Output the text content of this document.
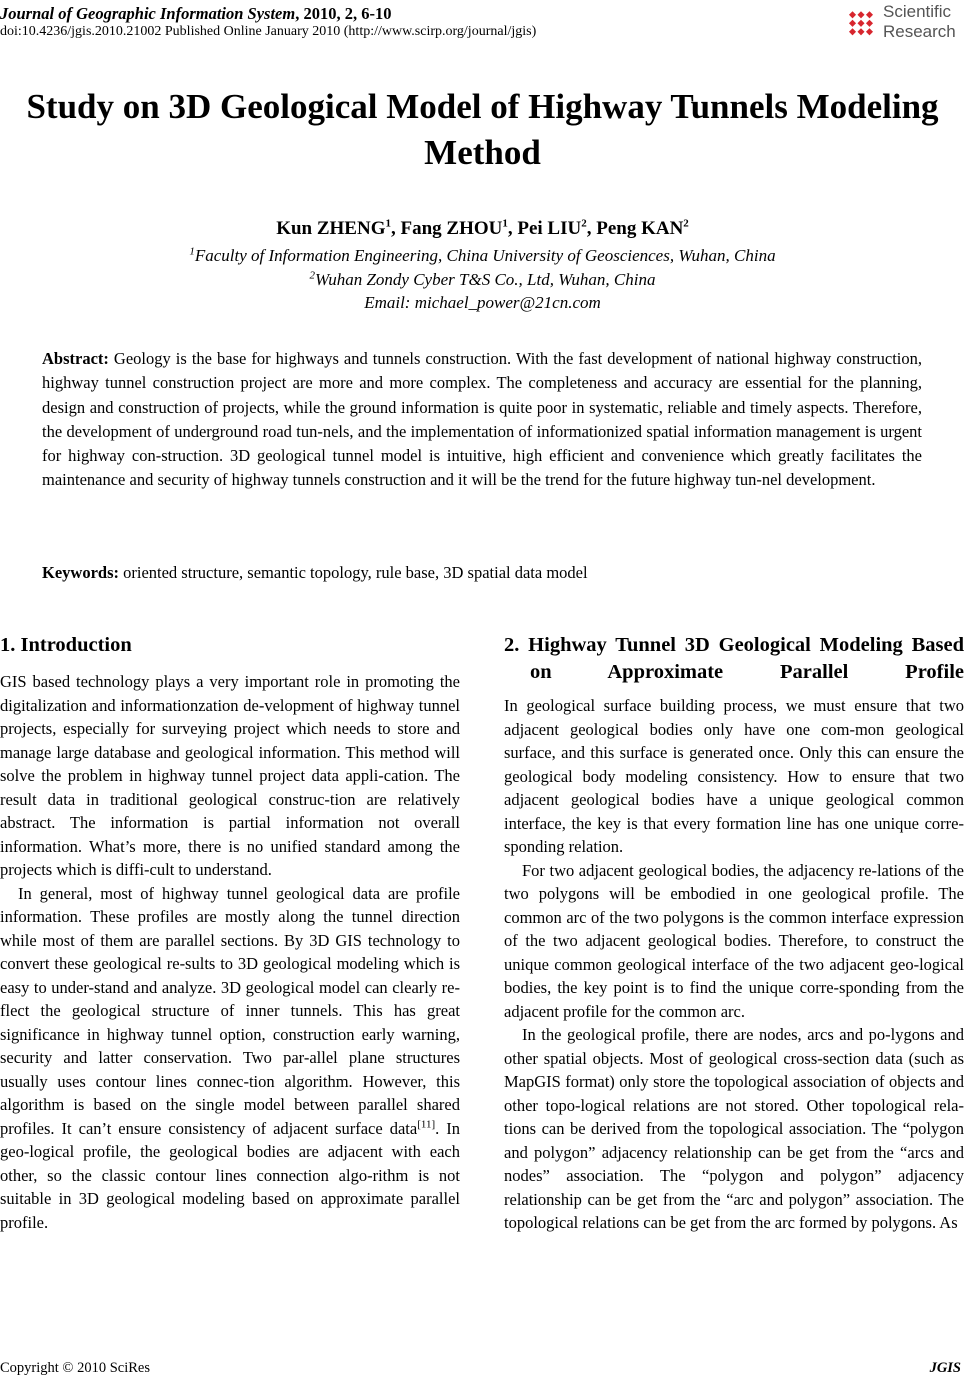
Journal of Geographic Information System, 2010, 2, 6-10
doi:10.4236/jgis.2010.21002 Published Online January 2010 (http://www.scirp.org/journal/jgis)
Scientific
Research
Study on 3D Geological Model of Highway Tunnels Modeling Method
Kun ZHENG$^1$, Fang ZHOU$^1$, Pei LIU$^2$, Peng KAN$^2$
$^1$Faculty of Information Engineering, China University of Geosciences, Wuhan, China
$^2$Wuhan Zondy Cyber T&S Co., Ltd, Wuhan, China
Email: michael_power@21cn.com

Abstract: Geology is the base for highways and tunnels construction. With the fast development of national highway construction, highway tunnel construction project are more and more complex. The completeness and accuracy are essential for the planning, design and construction of projects, while the ground information is quite poor in systematic, reliable and timely aspects. Therefore, the development of underground road tun-nels, and the implementation of informationized spatial information management is urgent for highway con-struction. 3D geological tunnel model is intuitive, high efficient and convenience which greatly facilitates the maintenance and security of highway tunnels construction and it will be the trend for the future highway tun-nel development.

Keywords: oriented structure, semantic topology, rule base, 3D spatial data model
1. Introduction

GIS based technology plays a very important role in promoting the digitalization and informationzation de-velopment of highway tunnel projects, especially for surveying project which needs to store and manage large database and geological information. This method will solve the problem in highway tunnel project data appli-cation. The result data in traditional geological construc-tion are relatively abstract. The information is partial information not overall information. What’s more, there is no unified standard among the projects which is diffi-cult to understand.

In general, most of highway tunnel geological data are profile information. These profiles are mostly along the tunnel direction while most of them are parallel sections. By 3D GIS technology to convert these geological re-sults to 3D geological modeling which is easy to under-stand and analyze. 3D geological model can clearly re-flect the geological structure of inner tunnels. This has great significance in highway tunnel option, construction early warning, security and latter conservation. Two par-allel plane structures usually uses contour lines connec-tion algorithm. However, this algorithm is based on the single model between parallel shared profiles. It can’t ensure consistency of adjacent surface data[11]. In geo-logical profile, the geological bodies are adjacent with each other, so the classic contour lines connection algo-rithm is not suitable in 3D geological modeling based on approximate parallel profile.

2. Highway Tunnel 3D Geological Modeling Based on Approximate Parallel Profile

In geological surface building process, we must ensure that two adjacent geological bodies only have one com-mon geological surface, and this surface is generated once. Only this can ensure the geological body modeling consistency. How to ensure that two adjacent geological bodies have a unique geological common interface, the key is that every formation line has one unique corre-sponding relation.

For two adjacent geological bodies, the adjacency re-lations of the two polygons will be embodied in one geological profile. The common arc of the two polygons is the common interface expression of the two adjacent geological bodies. Therefore, to construct the unique common geological interface of the two adjacent geo-logical bodies, the key point is to find the unique corre-sponding from the adjacent profile for the common arc.

In the geological profile, there are nodes, arcs and po-lygons and other spatial objects. Most of geological cross-section data (such as MapGIS format) only store the topological association of objects and other topo-logical relations are not stored. Other topological rela-tions can be derived from the topological association. The “polygon and polygon” adjacency relationship can be get from the “arcs and nodes” association. The “polygon and polygon” adjacency relationship can be get from the “arc and polygon” association. The topological relations can be get from the arc formed by polygons. As

Copyright © 2010 SciRes	JGIS
